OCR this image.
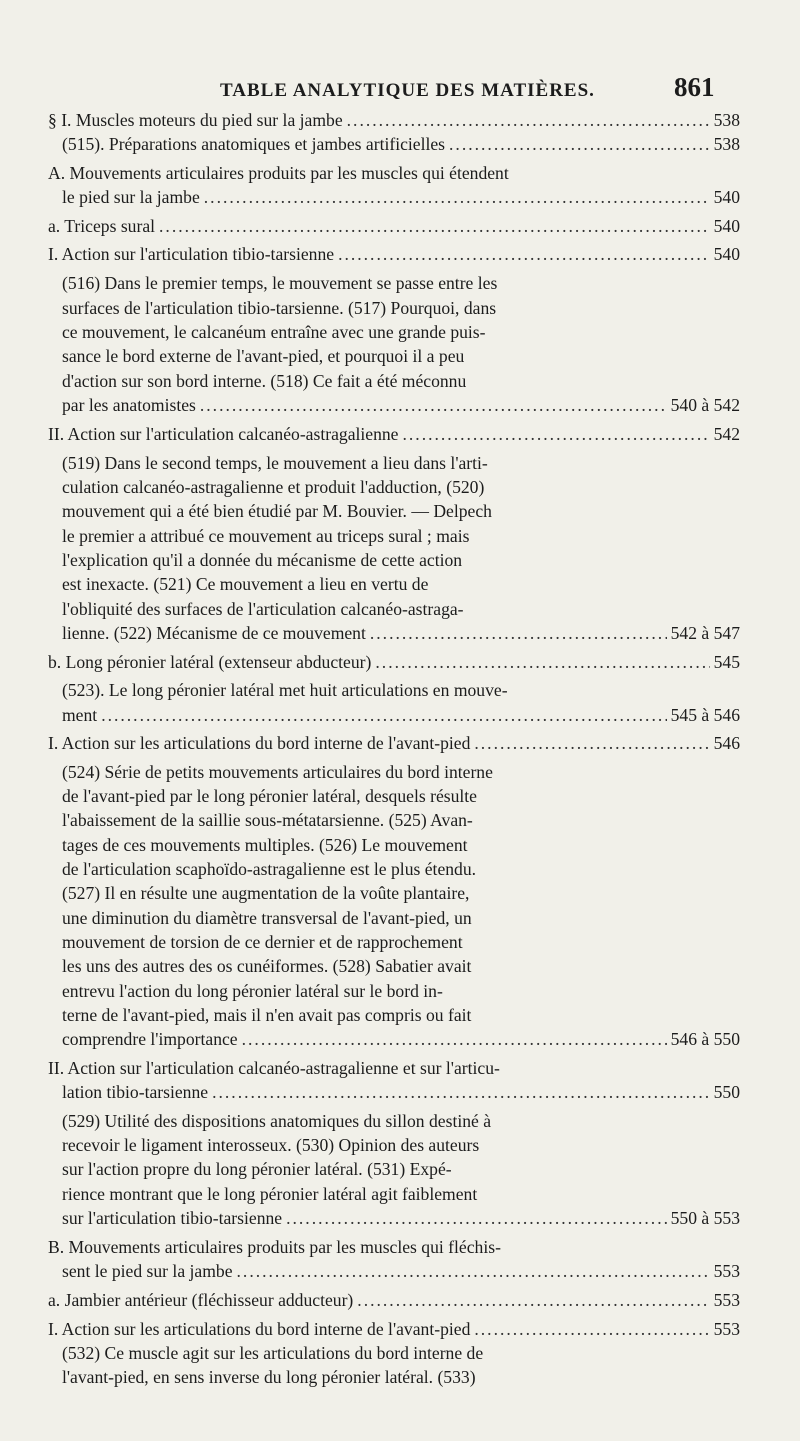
TABLE ANALYTIQUE DES MATIÈRES.	861
§ I. Muscles moteurs du pied sur la jambe .....	538
(515). Préparations anatomiques et jambes artificielles .....	538
A. Mouvements articulaires produits par les muscles qui étendent
le pied sur la jambe .....	540
a. Triceps sural .....	540
I. Action sur l'articulation tibio-tarsienne .....	540
(516) Dans le premier temps, le mouvement se passe entre les
surfaces de l'articulation tibio-tarsienne. (517) Pourquoi, dans
ce mouvement, le calcanéum entraîne avec une grande puis-
sance le bord externe de l'avant-pied, et pourquoi il a peu
d'action sur son bord interne. (518) Ce fait a été méconnu
par les anatomistes .....	540 à 542
II. Action sur l'articulation calcanéo-astragalienne .....	542
(519) Dans le second temps, le mouvement a lieu dans l'arti-
culation calcanéo-astragalienne et produit l'adduction, (520)
mouvement qui a été bien étudié par M. Bouvier. — Delpech
le premier a attribué ce mouvement au triceps sural ; mais
l'explication qu'il a donnée du mécanisme de cette action
est inexacte. (521) Ce mouvement a lieu en vertu de
l'obliquité des surfaces de l'articulation calcanéo-astraga-
lienne. (522) Mécanisme de ce mouvement .....	542 à 547
b. Long péronier latéral (extenseur abducteur) .....	545
(523). Le long péronier latéral met huit articulations en mouve-
ment .....	545 à 546
I. Action sur les articulations du bord interne de l'avant-pied .....	546
(524) Série de petits mouvements articulaires du bord interne
de l'avant-pied par le long péronier latéral, desquels résulte
l'abaissement de la saillie sous-métatarsienne. (525) Avan-
tages de ces mouvements multiples. (526) Le mouvement
de l'articulation scaphoïdo-astragalienne est le plus étendu.
(527) Il en résulte une augmentation de la voûte plantaire,
une diminution du diamètre transversal de l'avant-pied, un
mouvement de torsion de ce dernier et de rapprochement
les uns des autres des os cunéiformes. (528) Sabatier avait
entrevu l'action du long péronier latéral sur le bord in-
terne de l'avant-pied, mais il n'en avait pas compris ou fait
comprendre l'importance .....	546 à 550
II. Action sur l'articulation calcanéo-astragalienne et sur l'articu-
lation tibio-tarsienne .....	550
(529) Utilité des dispositions anatomiques du sillon destiné à
recevoir le ligament interosseux. (530) Opinion des auteurs
sur l'action propre du long péronier latéral. (531) Expé-
rience montrant que le long péronier latéral agit faiblement
sur l'articulation tibio-tarsienne .....	550 à 553
B. Mouvements articulaires produits par les muscles qui fléchis-
sent le pied sur la jambe .....	553
a. Jambier antérieur (fléchisseur adducteur) .....	553
I. Action sur les articulations du bord interne de l'avant-pied .....	553
(532) Ce muscle agit sur les articulations du bord interne de
l'avant-pied, en sens inverse du long péronier latéral. (533)
